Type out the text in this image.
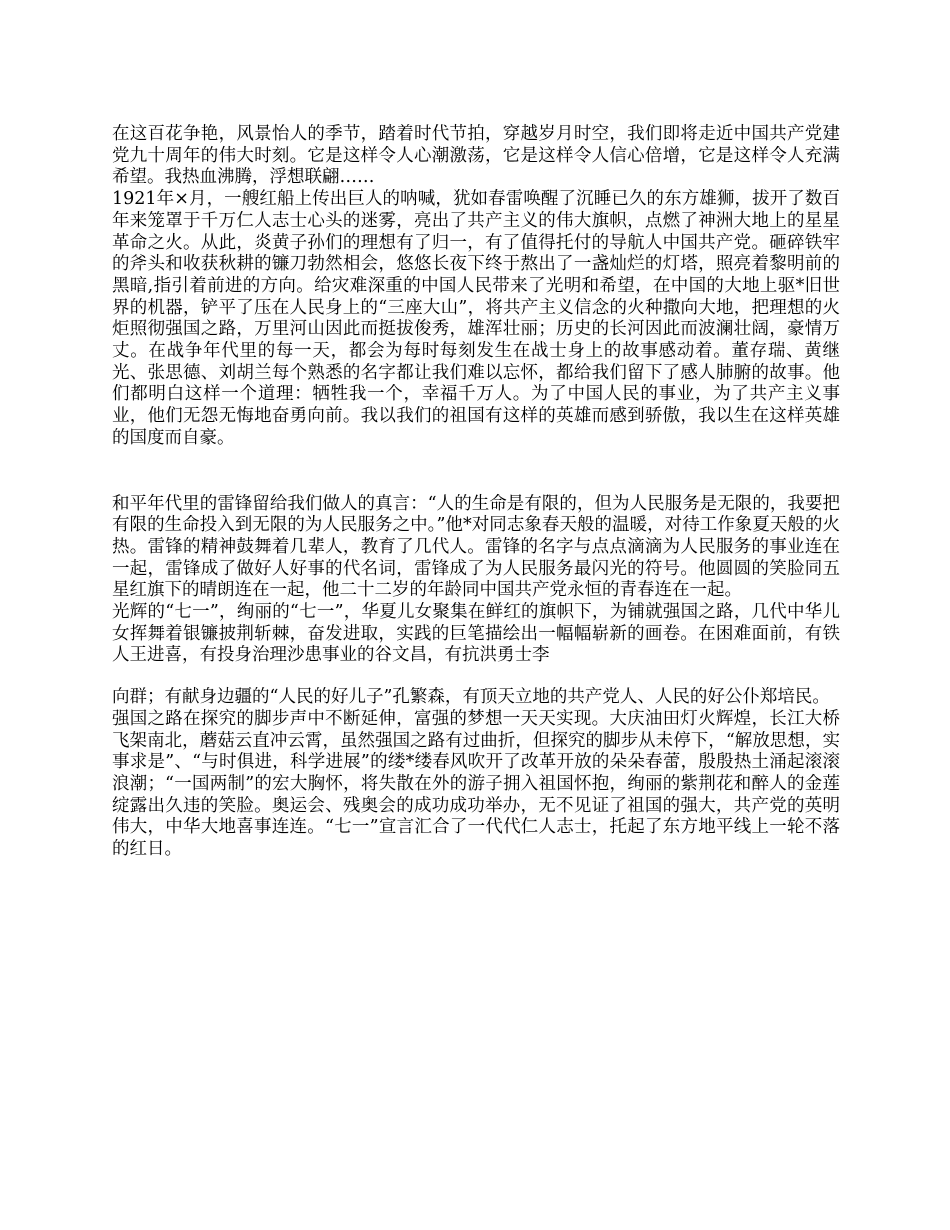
在这百花争艳，风景怡人的季节，踏着时代节拍，穿越岁月时空，我们即将走近中国共产党建党九十周年的伟大时刻。它是这样令人心潮激荡，它是这样令人信心倍增，它是这样令人充满希望。我热血沸腾，浮想联翩……

1921年×月，一艘红船上传出巨人的呐喊，犹如春雷唤醒了沉睡已久的东方雄狮，拔开了数百年来笼罩于千万仁人志士心头的迷雾，亮出了共产主义的伟大旗帜，点燃了神洲大地上的星星革命之火。从此，炎黄子孙们的理想有了归一，有了值得托付的导航人中国共产党。砸碎铁牢的斧头和收获秋耕的镰刀勃然相会，悠悠长夜下终于熬出了一盏灿烂的灯塔，照亮着黎明前的黑暗,指引着前进的方向。给灾难深重的中国人民带来了光明和希望，在中国的大地上驱*旧世界的机器，铲平了压在人民身上的“三座大山”，将共产主义信念的火种撒向大地，把理想的火炬照彻强国之路，万里河山因此而挺拔俊秀，雄浑壮丽；历史的长河因此而波澜壮阔，豪情万丈。在战争年代里的每一天，都会为每时每刻发生在战士身上的故事感动着。董存瑞、黄继光、张思德、刘胡兰每个熟悉的名字都让我们难以忘怀，都给我们留下了感人肺腑的故事。他们都明白这样一个道理：牺牲我一个，幸福千万人。为了中国人民的事业，为了共产主义事业，他们无怨无悔地奋勇向前。我以我们的祖国有这样的英雄而感到骄傲，我以生在这样英雄的国度而自豪。

和平年代里的雷锋留给我们做人的真言：“人的生命是有限的，但为人民服务是无限的，我要把有限的生命投入到无限的为人民服务之中。”他*对同志象春天般的温暖，对待工作象夏天般的火热。雷锋的精神鼓舞着几辈人，教育了几代人。雷锋的名字与点点滴滴为人民服务的事业连在一起，雷锋成了做好人好事的代名词，雷锋成了为人民服务最闪光的符号。他圆圆的笑脸同五星红旗下的晴朗连在一起，他二十二岁的年龄同中国共产党永恒的青春连在一起。

光辉的“七一”，绚丽的“七一”，华夏儿女聚集在鲜红的旗帜下，为铺就强国之路，几代中华儿女挥舞着银镰披荆斩棘，奋发进取，实践的巨笔描绘出一幅幅崭新的画卷。在困难面前，有铁人王进喜，有投身治理沙患事业的谷文昌，有抗洪勇士李

向群；有献身边疆的“人民的好儿子”孔繁森，有顶天立地的共产党人、人民的好公仆郑培民。

强国之路在探究的脚步声中不断延伸，富强的梦想一天天实现。大庆油田灯火辉煌，长江大桥飞架南北，蘑菇云直冲云霄，虽然强国之路有过曲折，但探究的脚步从未停下，“解放思想，实事求是”、“与时俱进，科学进展”的缕*缕春风吹开了改革开放的朵朵春蕾，殷殷热土涌起滚滚浪潮；“一国两制”的宏大胸怀，将失散在外的游子拥入祖国怀抱，绚丽的紫荆花和醉人的金莲绽露出久违的笑脸。奥运会、残奥会的成功成功举办，无不见证了祖国的强大，共产党的英明伟大，中华大地喜事连连。“七一”宣言汇合了一代代仁人志士，托起了东方地平线上一轮不落的红日。
